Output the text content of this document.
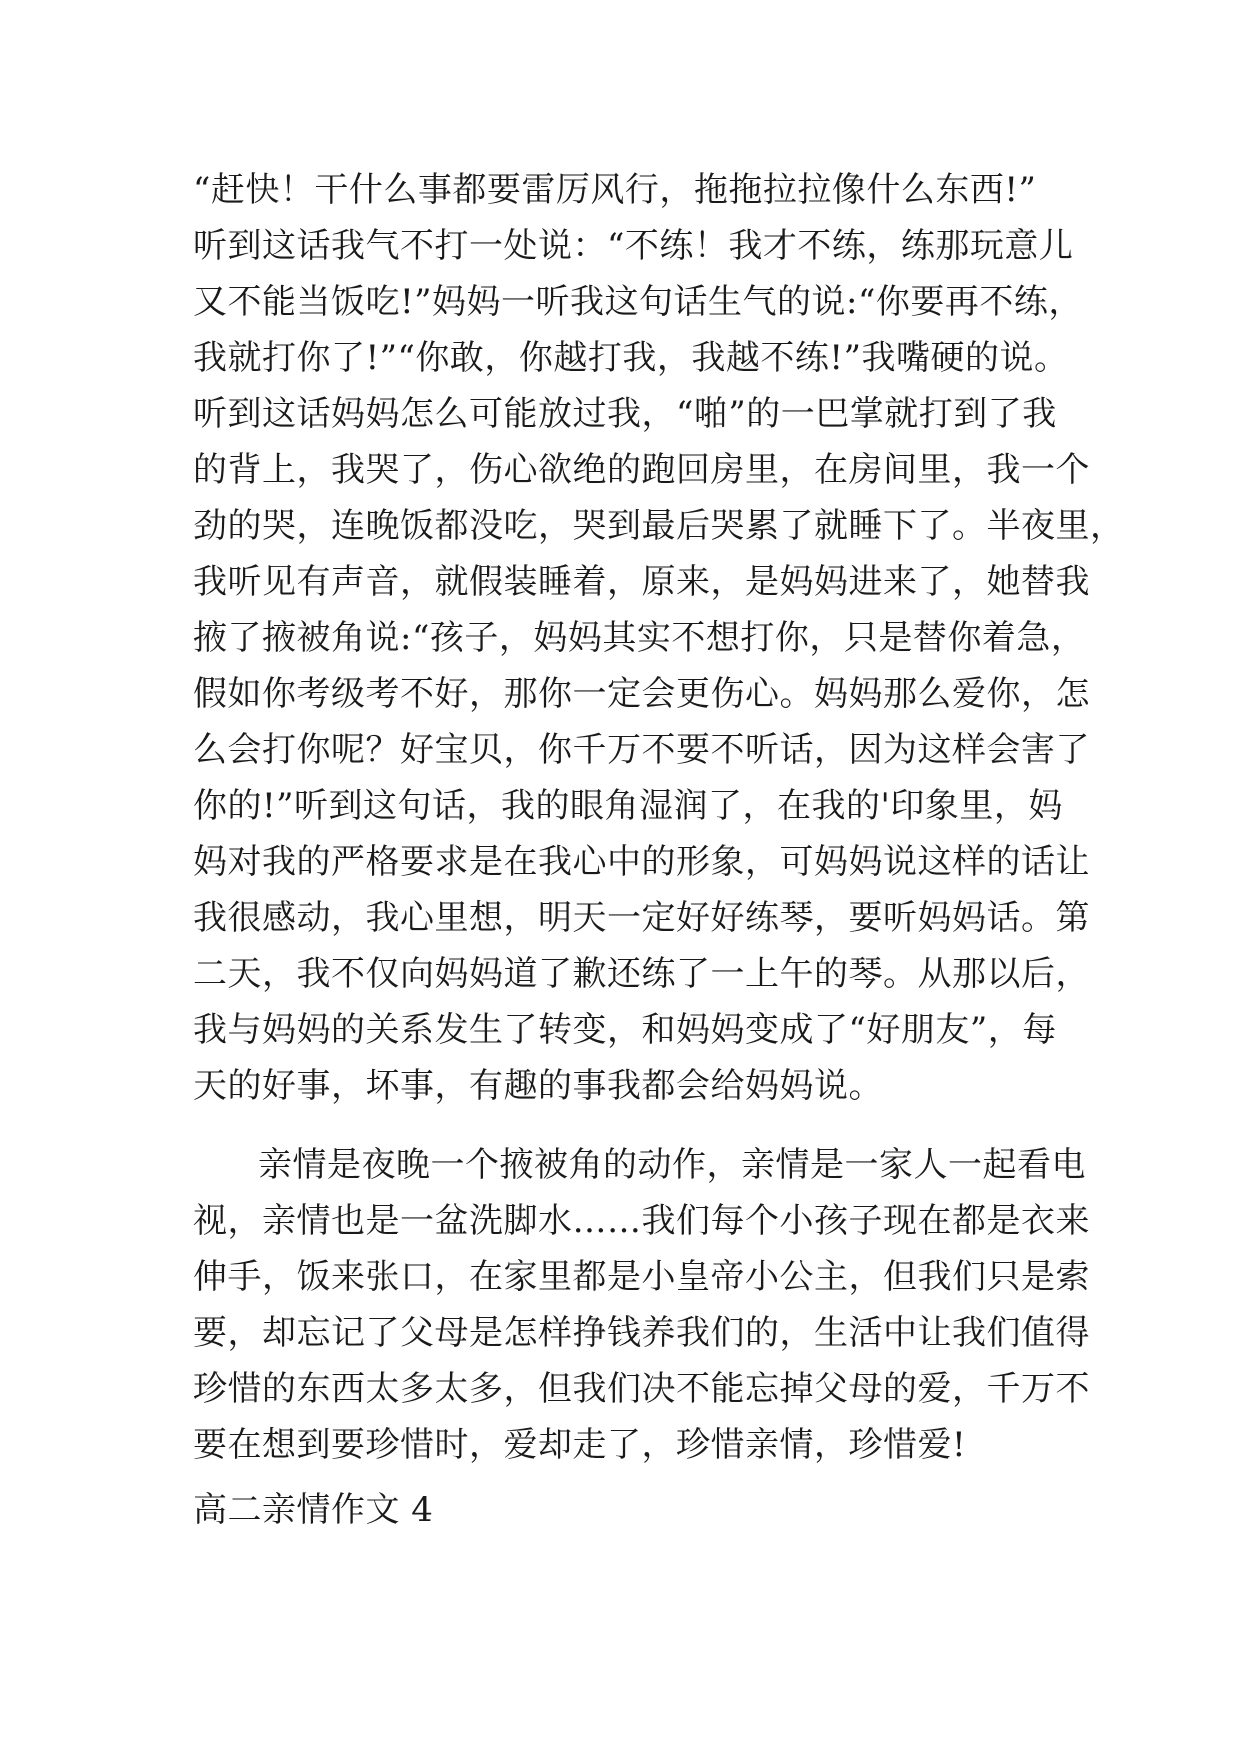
“赶快！干什么事都要雷厉风行，拖拖拉拉像什么东西!”
听到这话我气不打一处说：“不练！我才不练，练那玩意儿
又不能当饭吃!”妈妈一听我这句话生气的说:“你要再不练，
我就打你了!”“你敢，你越打我，我越不练!”我嘴硬的说。
听到这话妈妈怎么可能放过我，“啪”的一巴掌就打到了我
的背上，我哭了，伤心欲绝的跑回房里，在房间里，我一个
劲的哭，连晚饭都没吃，哭到最后哭累了就睡下了。半夜里，
我听见有声音，就假装睡着，原来，是妈妈进来了，她替我
掖了掖被角说:“孩子，妈妈其实不想打你，只是替你着急，
假如你考级考不好，那你一定会更伤心。妈妈那么爱你，怎
么会打你呢？好宝贝，你千万不要不听话，因为这样会害了
你的!”听到这句话，我的眼角湿润了，在我的'印象里，妈
妈对我的严格要求是在我心中的形象，可妈妈说这样的话让
我很感动，我心里想，明天一定好好练琴，要听妈妈话。第
二天，我不仅向妈妈道了歉还练了一上午的琴。从那以后，
我与妈妈的关系发生了转变，和妈妈变成了“好朋友”，每
天的好事，坏事，有趣的事我都会给妈妈说。
亲情是夜晚一个掖被角的动作，亲情是一家人一起看电
视，亲情也是一盆洗脚水……我们每个小孩子现在都是衣来
伸手，饭来张口，在家里都是小皇帝小公主，但我们只是索
要，却忘记了父母是怎样挣钱养我们的，生活中让我们值得
珍惜的东西太多太多，但我们决不能忘掉父母的爱，千万不
要在想到要珍惜时，爱却走了，珍惜亲情，珍惜爱!
高二亲情作文 4
